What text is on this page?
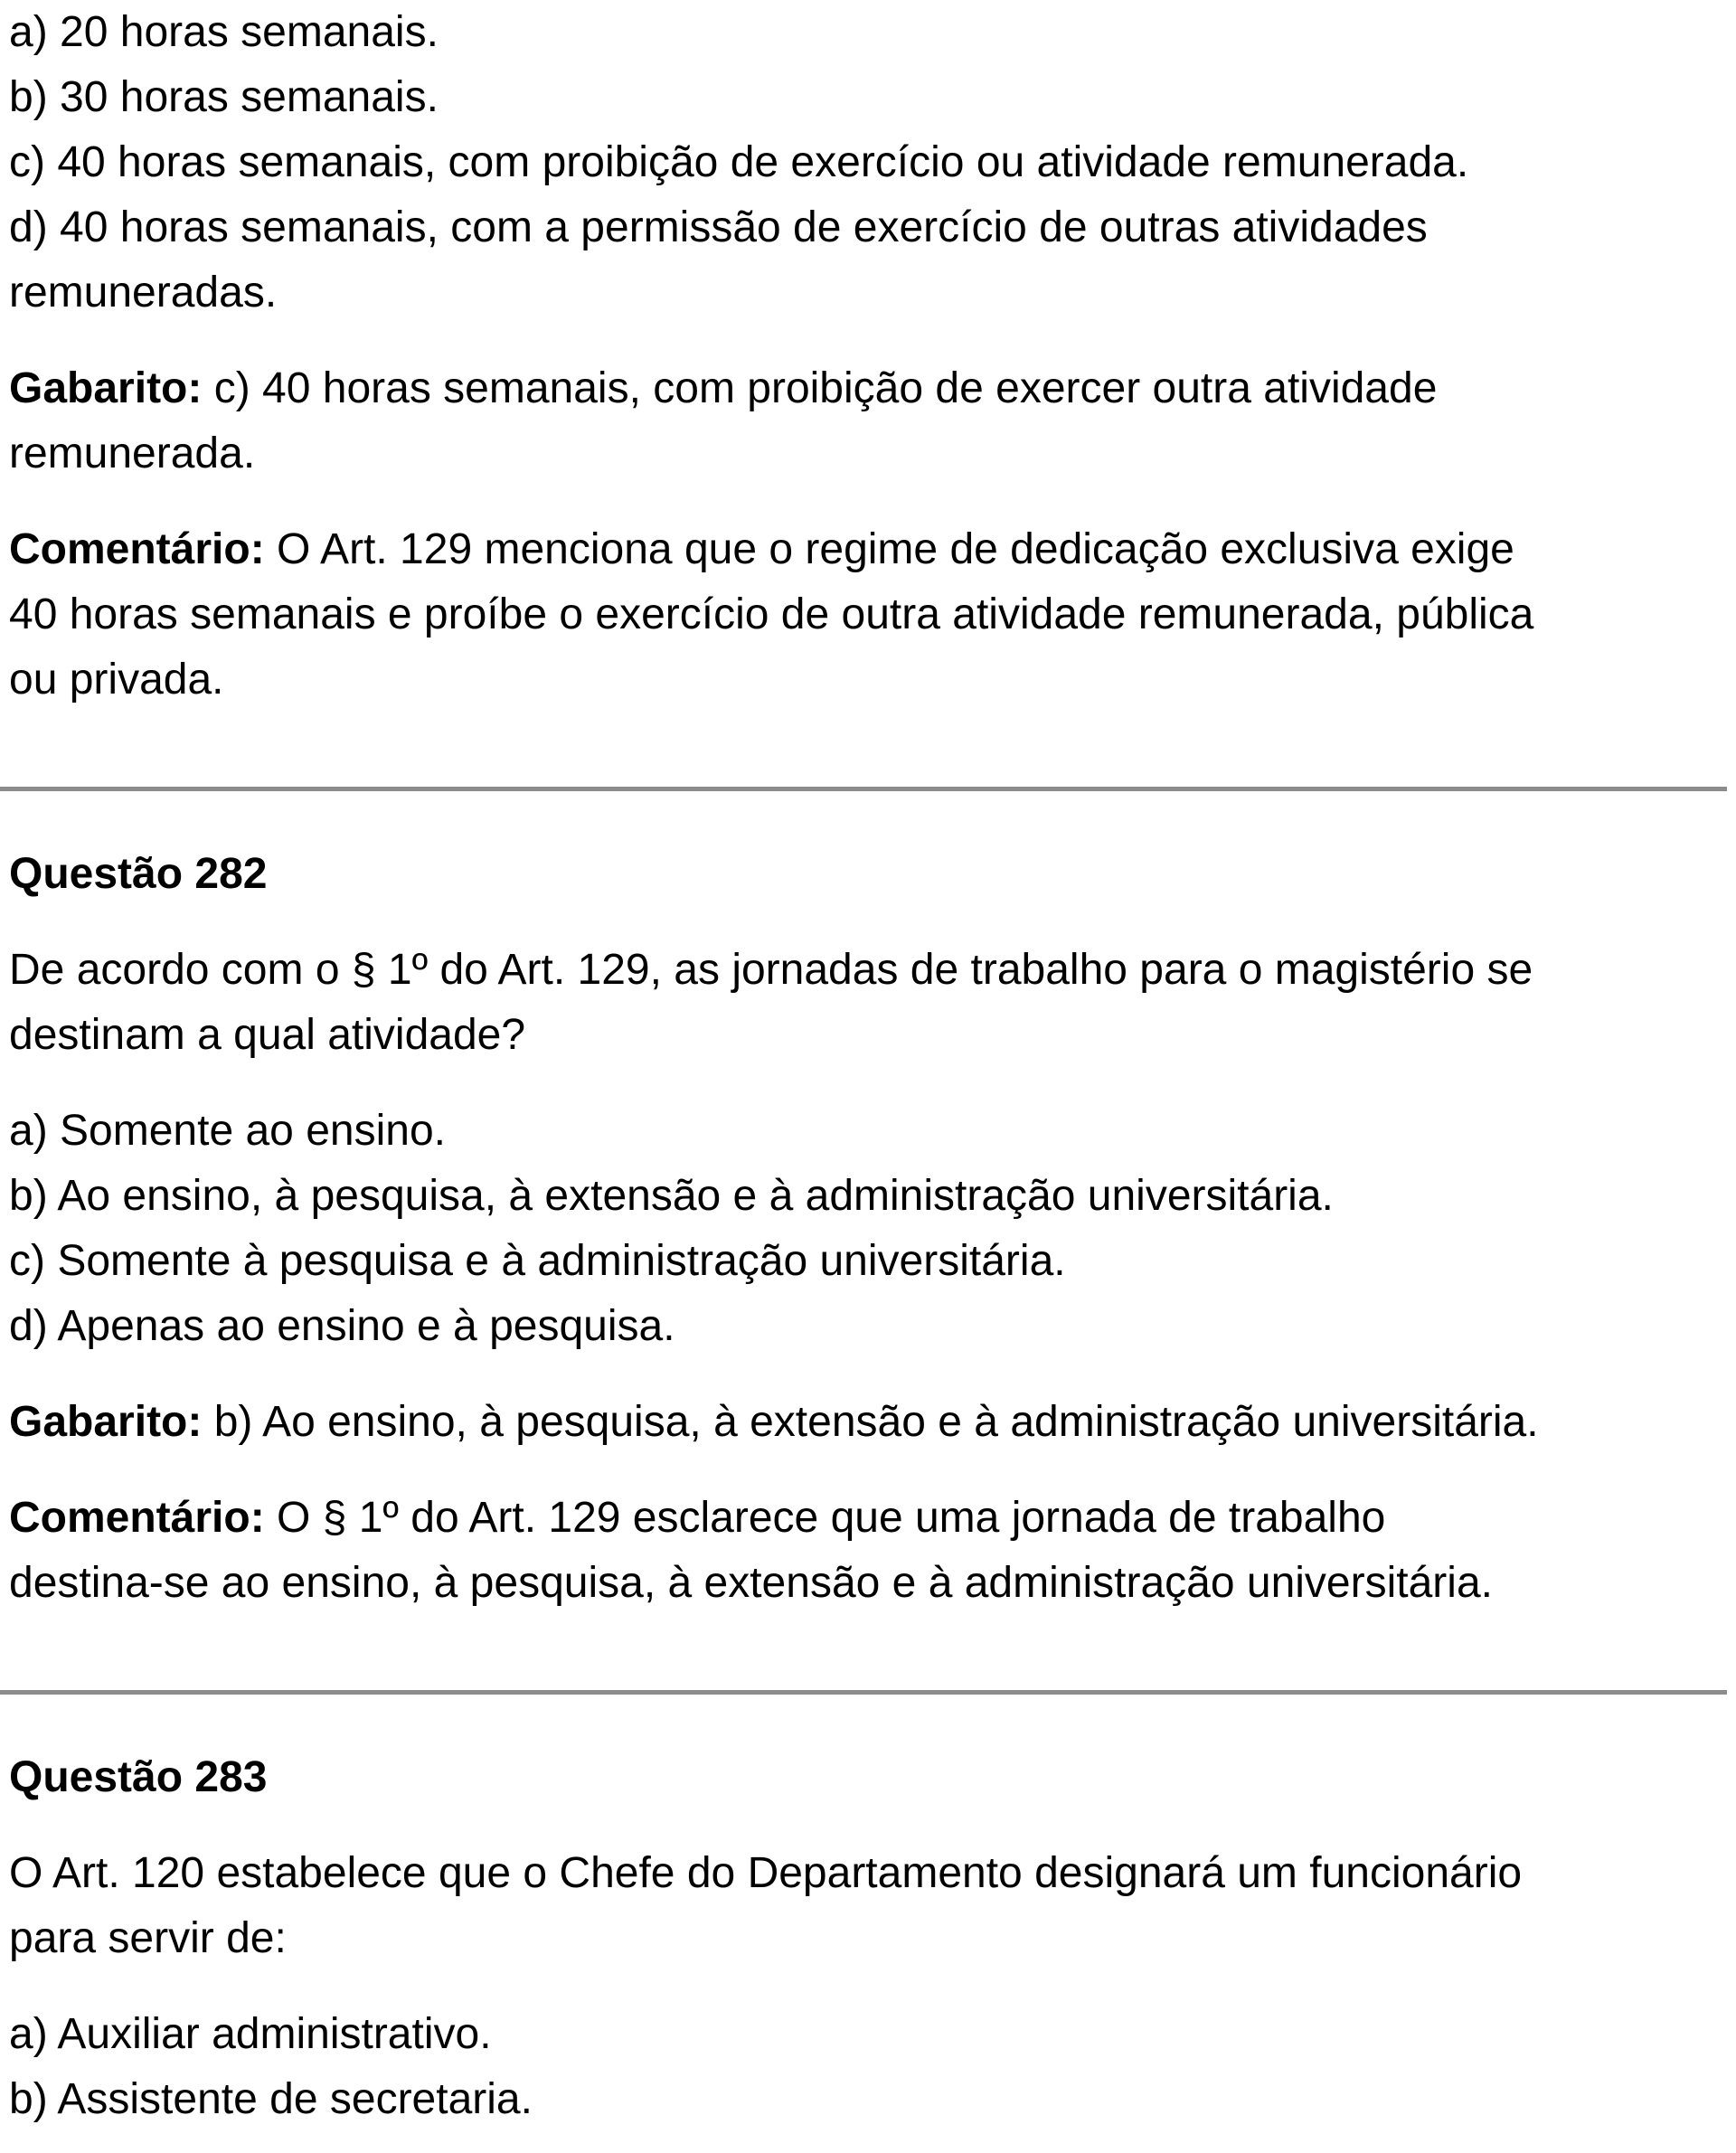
a) 20 horas semanais.

b) 30 horas semanais.

c) 40 horas semanais, com proibição de exercício ou atividade remunerada.

d) 40 horas semanais, com a permissão de exercício de outras atividades

remuneradas.

Gabarito: c) 40 horas semanais, com proibição de exercer outra atividade

remunerada.

Comentário: O Art. 129 menciona que o regime de dedicação exclusiva exige

40 horas semanais e proíbe o exercício de outra atividade remunerada, pública

ou privada.

Questão 282

De acordo com o § 1º do Art. 129, as jornadas de trabalho para o magistério se

destinam a qual atividade?

a) Somente ao ensino.

b) Ao ensino, à pesquisa, à extensão e à administração universitária.

c) Somente à pesquisa e à administração universitária.

d) Apenas ao ensino e à pesquisa.

Gabarito: b) Ao ensino, à pesquisa, à extensão e à administração universitária.

Comentário: O § 1º do Art. 129 esclarece que uma jornada de trabalho

destina-se ao ensino, à pesquisa, à extensão e à administração universitária.

Questão 283

O Art. 120 estabelece que o Chefe do Departamento designará um funcionário

para servir de:

a) Auxiliar administrativo.

b) Assistente de secretaria.
